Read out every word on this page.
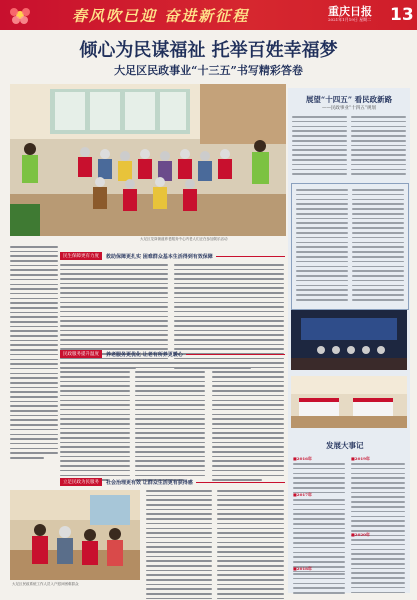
春风吹已迎 奋进新征程	重庆日报
2021年1月19日 星期二 13
倾心为民谋福祉 托举百姓幸福梦
大足区民政事业“十三五”书写精彩答卷
大足区龙岗街道养老服务中心内老人们正在参加娱乐活动
民生保障更有力度	救助保障更扎实 困难群众基本生活得到有效保障
民政服务提升温度	养老服务更优化 让老有所养更暖心
立足民政为民服务	社会治理更有效 让群众生活更有获得感
大足区民政系统工作人员入户慰问困难群众
展望“十四五” 看民政新路
——民政事业“十四五”规划
发展大事记
■2016年
■2017年
■2018年
■2019年
■2020年
